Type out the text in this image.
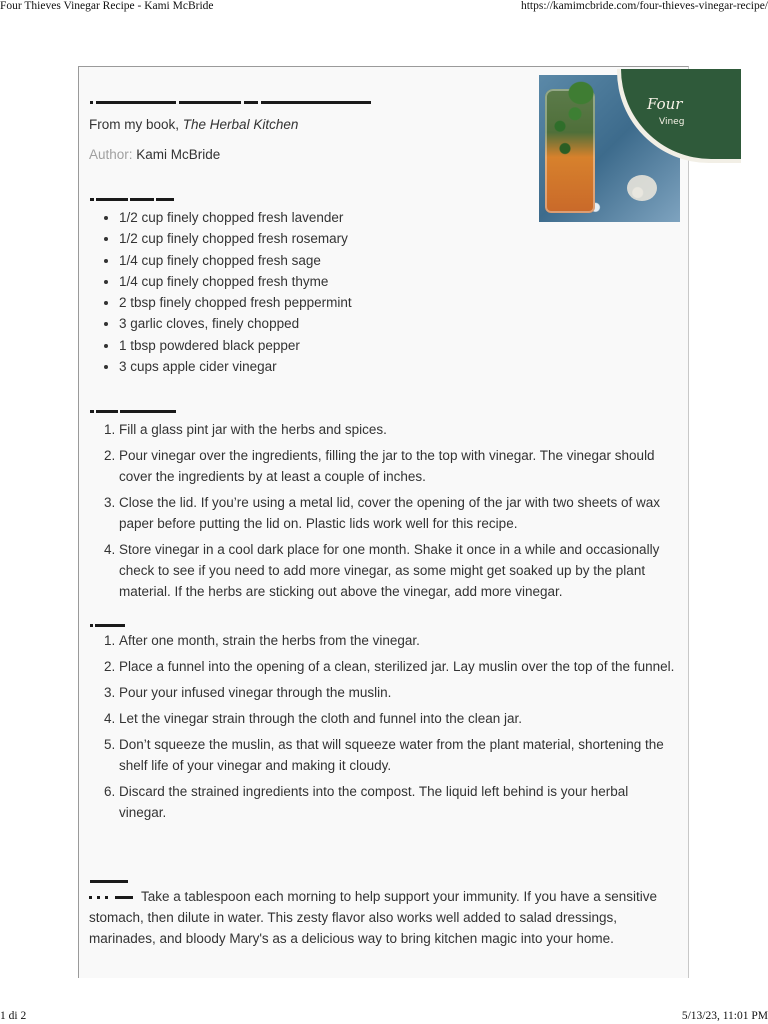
Four Thieves Vinegar Recipe - Kami McBride	https://kamimcbride.com/four-thieves-vinegar-recipe/
Four
Vineg
From my book, The Herbal Kitchen
Author: Kami McBride
• 1/2 cup finely chopped fresh lavender
• 1/2 cup finely chopped fresh rosemary
• 1/4 cup finely chopped fresh sage
• 1/4 cup finely chopped fresh thyme
• 2 tbsp finely chopped fresh peppermint
• 3 garlic cloves, finely chopped
• 1 tbsp powdered black pepper
• 3 cups apple cider vinegar
1. Fill a glass pint jar with the herbs and spices.
2. Pour vinegar over the ingredients, filling the jar to the top with vinegar. The vinegar should cover the ingredients by at least a couple of inches.
3. Close the lid. If you’re using a metal lid, cover the opening of the jar with two sheets of wax paper before putting the lid on. Plastic lids work well for this recipe.
4. Store vinegar in a cool dark place for one month. Shake it once in a while and occasionally check to see if you need to add more vinegar, as some might get soaked up by the plant material. If the herbs are sticking out above the vinegar, add more vinegar.
1. After one month, strain the herbs from the vinegar.
2. Place a funnel into the opening of a clean, sterilized jar. Lay muslin over the top of the funnel.
3. Pour your infused vinegar through the muslin.
4. Let the vinegar strain through the cloth and funnel into the clean jar.
5. Don’t squeeze the muslin, as that will squeeze water from the plant material, shortening the shelf life of your vinegar and making it cloudy.
6. Discard the strained ingredients into the compost. The liquid left behind is your herbal vinegar.
Take a tablespoon each morning to help support your immunity. If you have a sensitive stomach, then dilute in water. This zesty flavor also works well added to salad dressings, marinades, and bloody Mary's as a delicious way to bring kitchen magic into your home.
1 di 2	5/13/23, 11:01 PM
